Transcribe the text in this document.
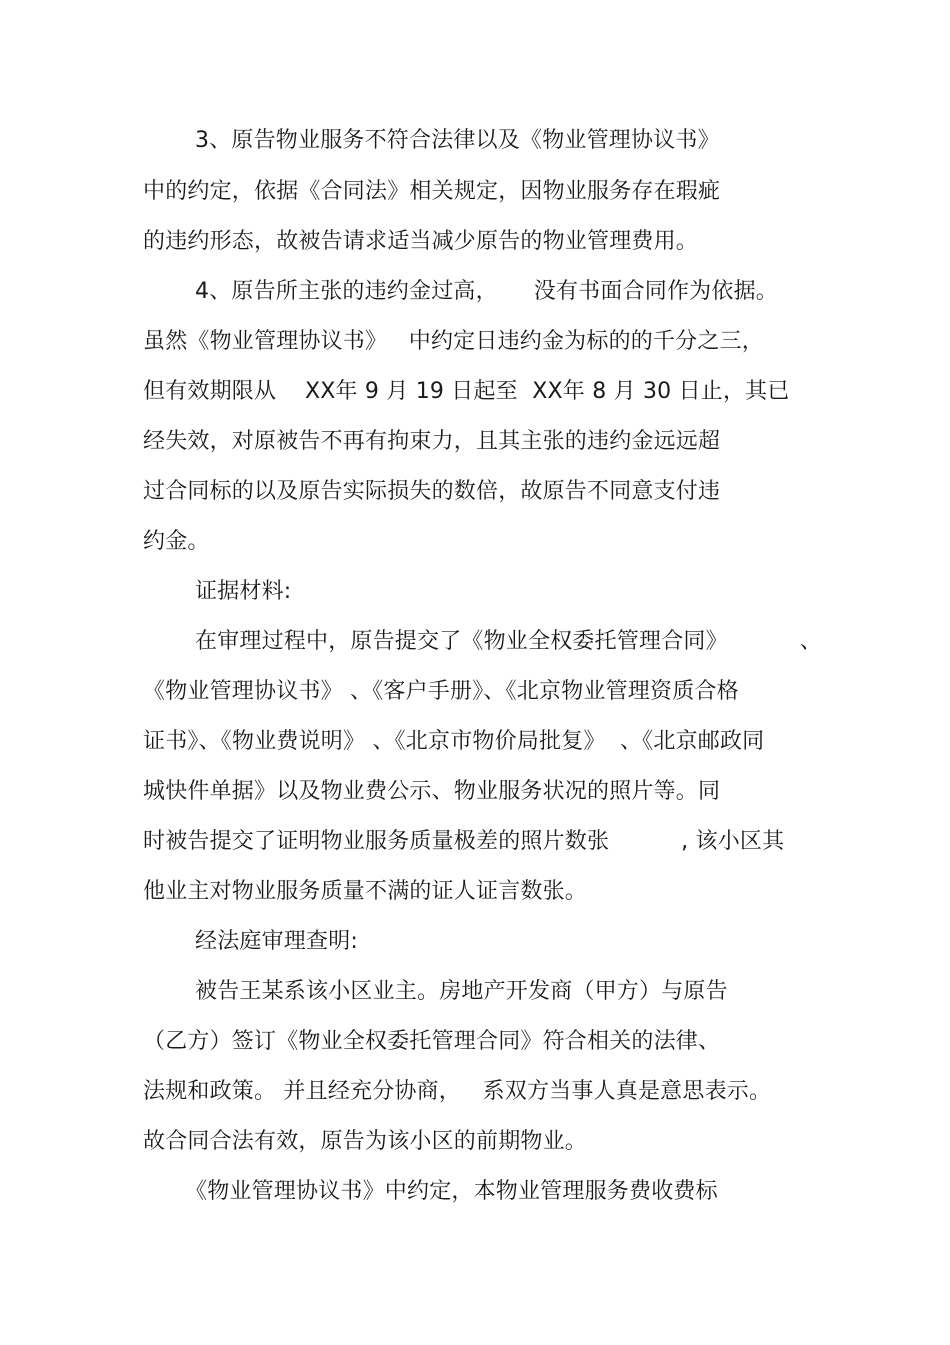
3、原告物业服务不符合法律以及《物业管理协议书》
中的约定，依据《合同法》相关规定，因物业服务存在瑕疵
的违约形态，故被告请求适当减少原告的物业管理费用。
4、原告所主张的违约金过高，     没有书面合同作为依据。
虽然《物业管理协议书》   中约定日违约金为标的的千分之三，
但有效期限从    XX年 9 月 19 日起至  XX年 8 月 30 日止，其已
经失效，对原被告不再有拘束力，且其主张的违约金远远超
过合同标的以及原告实际损失的数倍，故原告不同意支付违
约金。
证据材料:
在审理过程中，原告提交了《物业全权委托管理合同》          、
《物业管理协议书》 、《客户手册》、《北京物业管理资质合格
证书》、《物业费说明》 、《北京市物价局批复》  、《北京邮政同
城快件单据》以及物业费公示、物业服务状况的照片等。同
时被告提交了证明物业服务质量极差的照片数张          , 该小区其
他业主对物业服务质量不满的证人证言数张。
经法庭审理查明:
被告王某系该小区业主。房地产开发商（甲方）与原告
（乙方）签订《物业全权委托管理合同》符合相关的法律、
法规和政策。 并且经充分协商，   系双方当事人真是意思表示。
故合同合法有效，原告为该小区的前期物业。
《物业管理协议书》中约定，本物业管理服务费收费标
